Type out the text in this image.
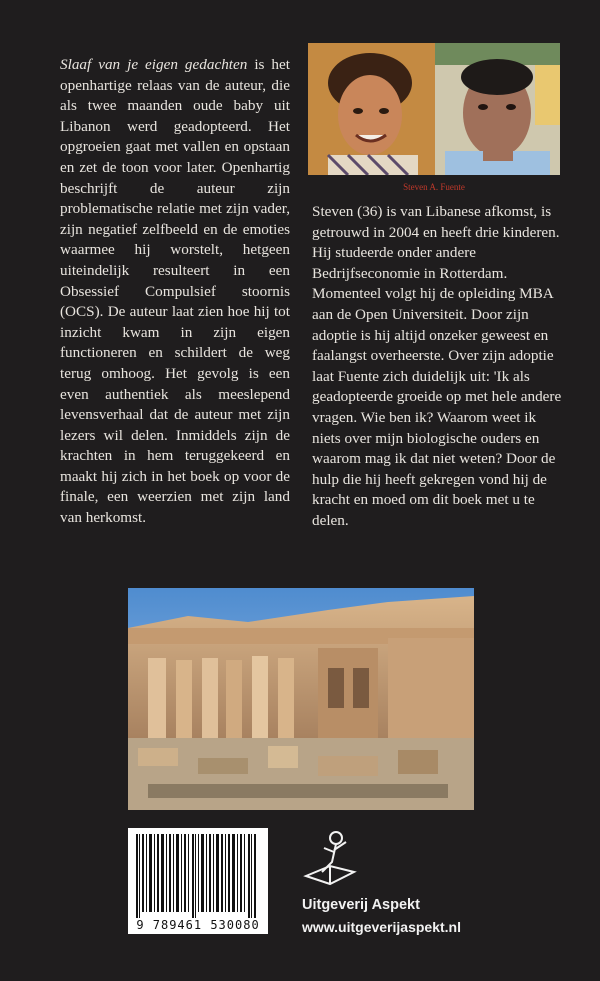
Slaaf van je eigen gedachten is het openhartige relaas van de auteur, die als twee maanden oude baby uit Libanon werd geadopteerd. Het opgroeien gaat met vallen en opstaan en zet de toon voor later. Openhartig beschrijft de auteur zijn problematische relatie met zijn vader, zijn negatief zelfbeeld en de emoties waarmee hij worstelt, hetgeen uiteindelijk resulteert in een Obsessief Compulsief stoornis (OCS). De auteur laat zien hoe hij tot inzicht kwam in zijn eigen functioneren en schildert de weg terug omhoog. Het gevolg is een even authentiek als meeslepend levensverhaal dat de auteur met zijn lezers wil delen. Inmiddels zijn de krachten in hem teruggekeerd en maakt hij zich in het boek op voor de finale, een weerzien met zijn land van herkomst.
Steven A. Fuente
Steven (36) is van Libanese afkomst, is getrouwd in 2004 en heeft drie kinderen. Hij studeerde onder andere Bedrijfseconomie in Rotterdam. Momenteel volgt hij de opleiding MBA aan de Open Universiteit. Door zijn adoptie is hij altijd onzeker geweest en faalangst overheerste. Over zijn adoptie laat Fuente zich duidelijk uit: 'Ik als geadopteerde groeide op met hele andere vragen. Wie ben ik? Waarom weet ik niets over mijn biologische ouders en waarom mag ik dat niet weten? Door de hulp die hij heeft gekregen vond hij de kracht en moed om dit boek met u te delen.
9 789461 530080
Uitgeverij Aspekt
www.uitgeverijaspekt.nl
